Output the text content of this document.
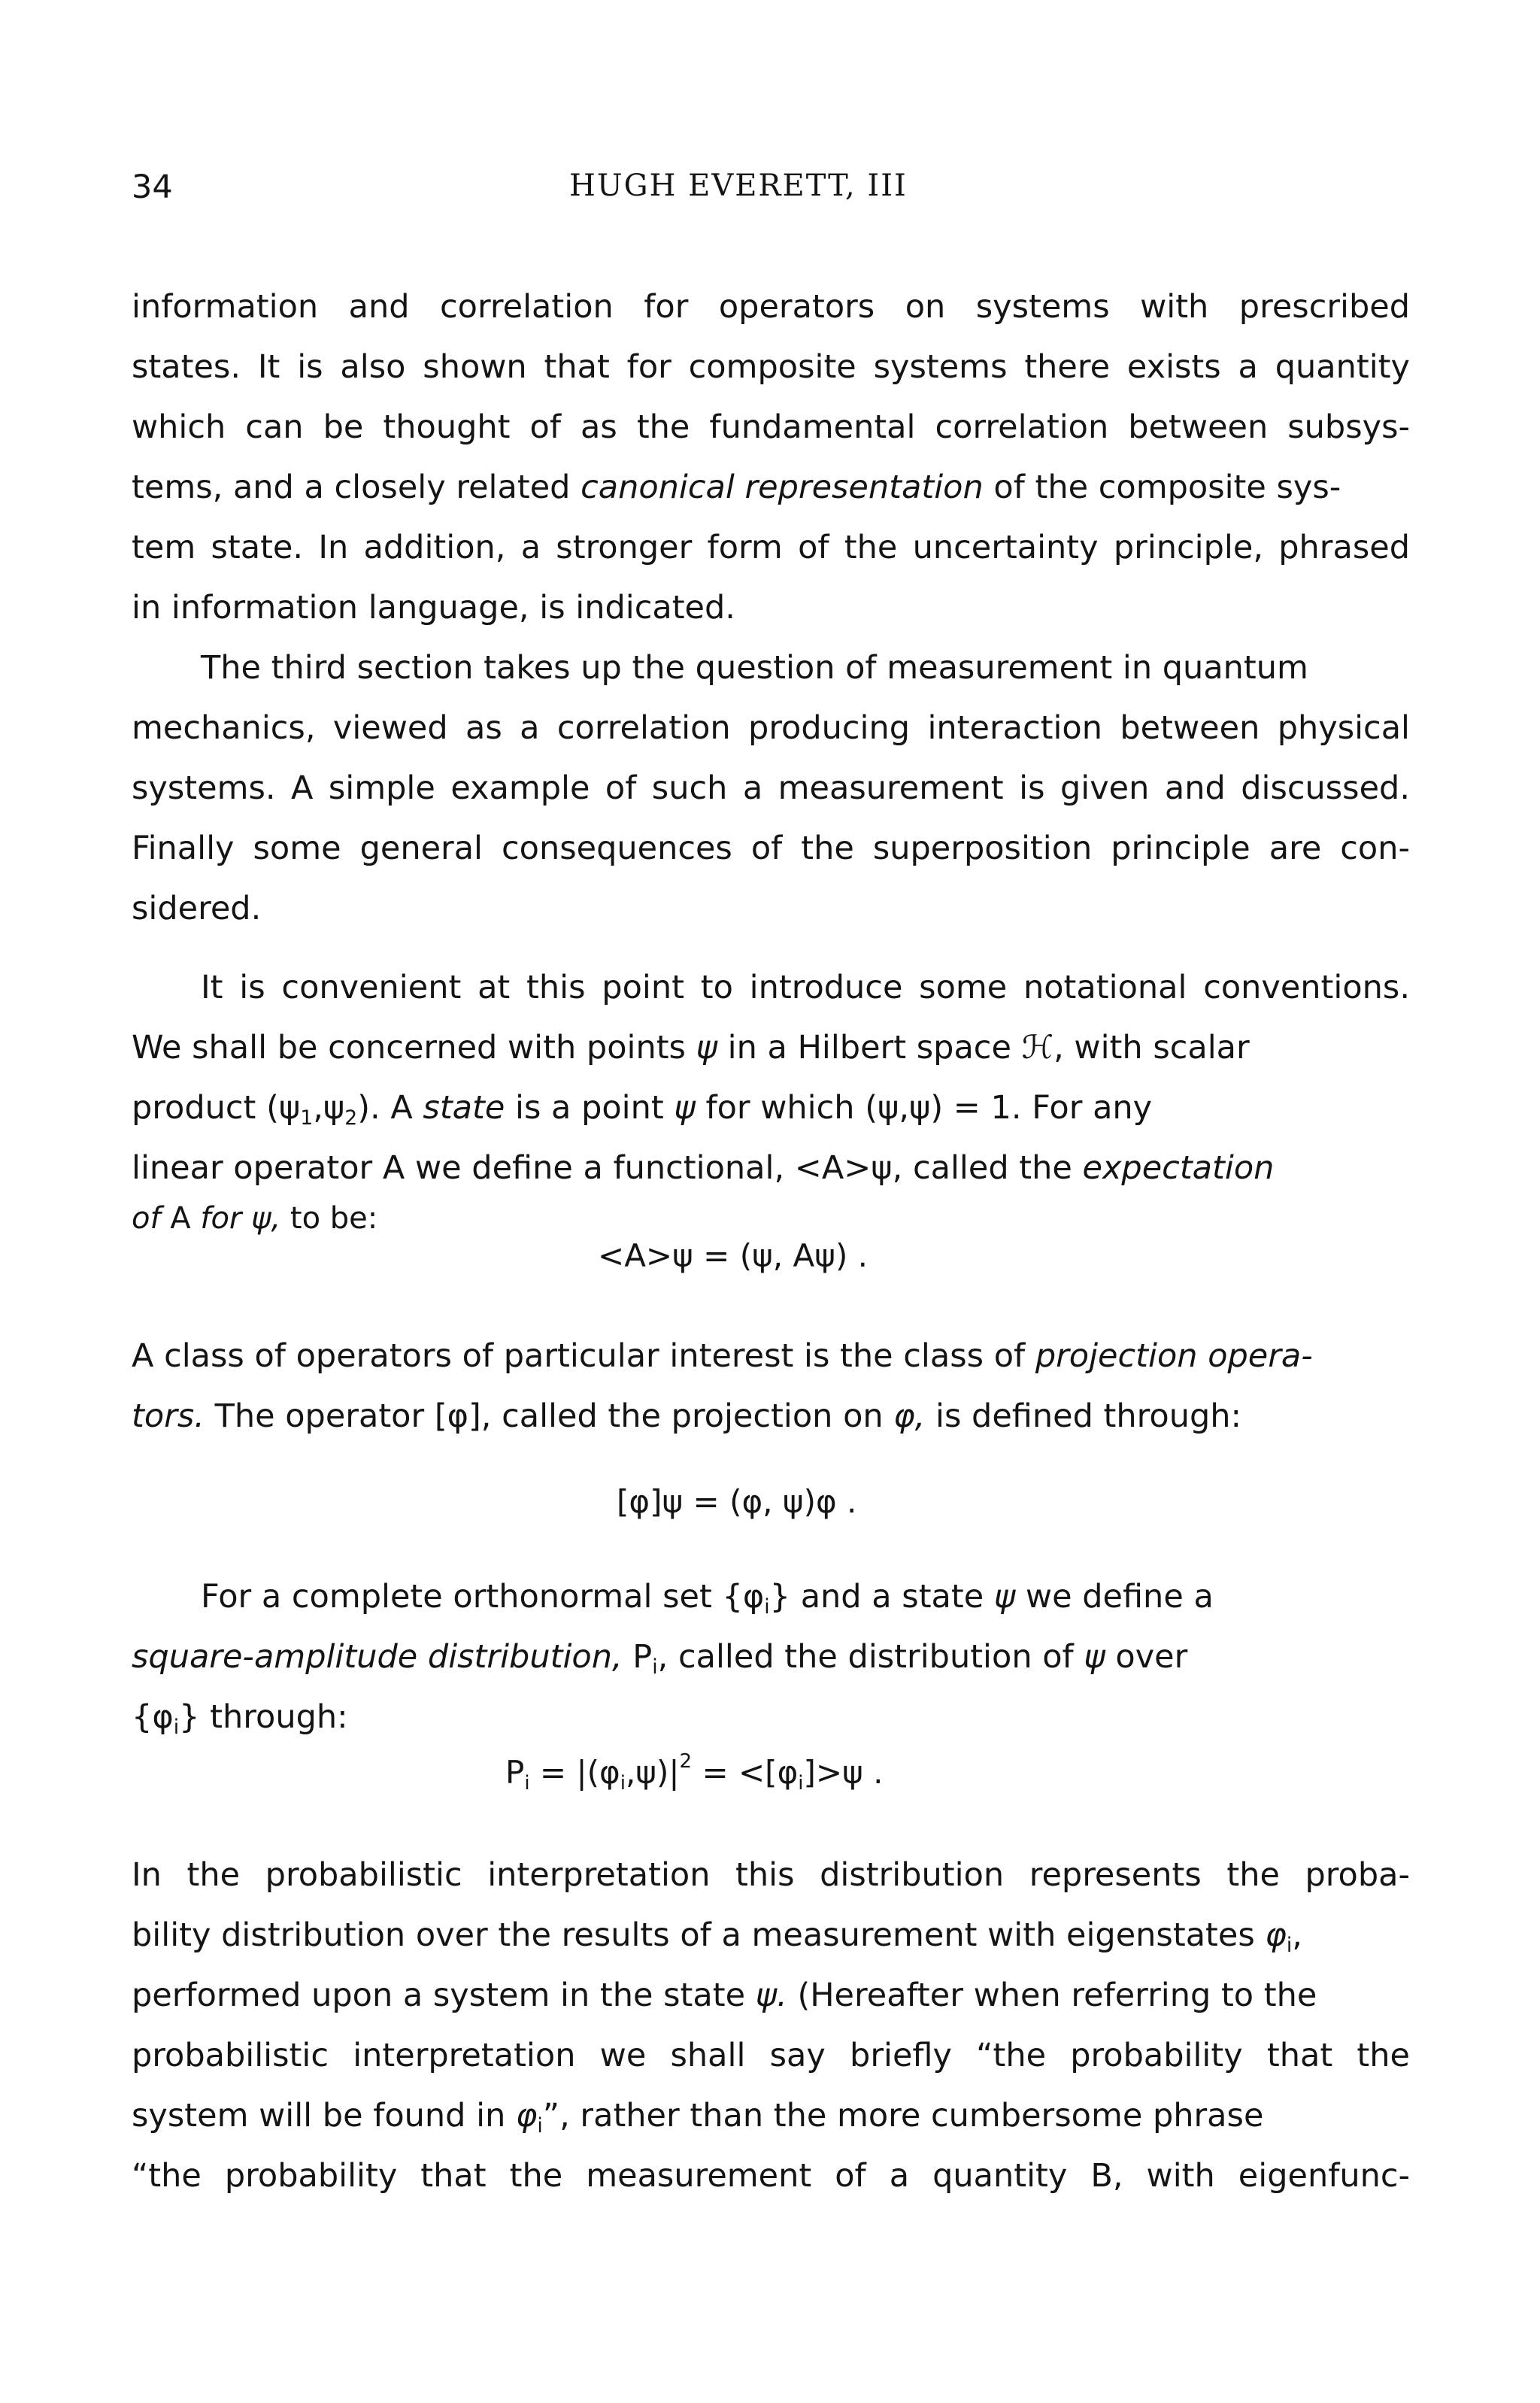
34	HUGH EVERETT, III
information and correlation for operators on systems with prescribed
states. It is also shown that for composite systems there exists a quantity
which can be thought of as the fundamental correlation between subsys-
tems, and a closely related canonical representation of the composite sys-
tem state. In addition, a stronger form of the uncertainty principle, phrased
in information language, is indicated.
The third section takes up the question of measurement in quantum
mechanics, viewed as a correlation producing interaction between physical
systems. A simple example of such a measurement is given and discussed.
Finally some general consequences of the superposition principle are con-
sidered.
It is convenient at this point to introduce some notational conventions.
We shall be concerned with points ψ in a Hilbert space ℋ, with scalar
product $(\psi_1,\psi_2)$. A state is a point ψ for which (ψ,ψ) = 1. For any
linear operator A we define a functional, <A>ψ, called the expectation
of A for ψ, to be:
<A>ψ = (ψ, Aψ) .
A class of operators of particular interest is the class of projection opera-
tors. The operator [φ], called the projection on φ, is defined through:
[φ]ψ = (φ, ψ)φ .
For a complete orthonormal set $\{\varphi_i\}$ and a state ψ we define a
square-amplitude distribution, $P_i$, called the distribution of ψ over
$\{\varphi_i\}$ through:
$P_i = |(\varphi_i,\psi)|^2 = <[\varphi_i]>\psi$ .
In the probabilistic interpretation this distribution represents the proba-
bility distribution over the results of a measurement with eigenstates $\varphi_i$,
performed upon a system in the state ψ. (Hereafter when referring to the
probabilistic interpretation we shall say briefly “the probability that the
system will be found in $\varphi_i$”, rather than the more cumbersome phrase
“the probability that the measurement of a quantity B, with eigenfunc-
